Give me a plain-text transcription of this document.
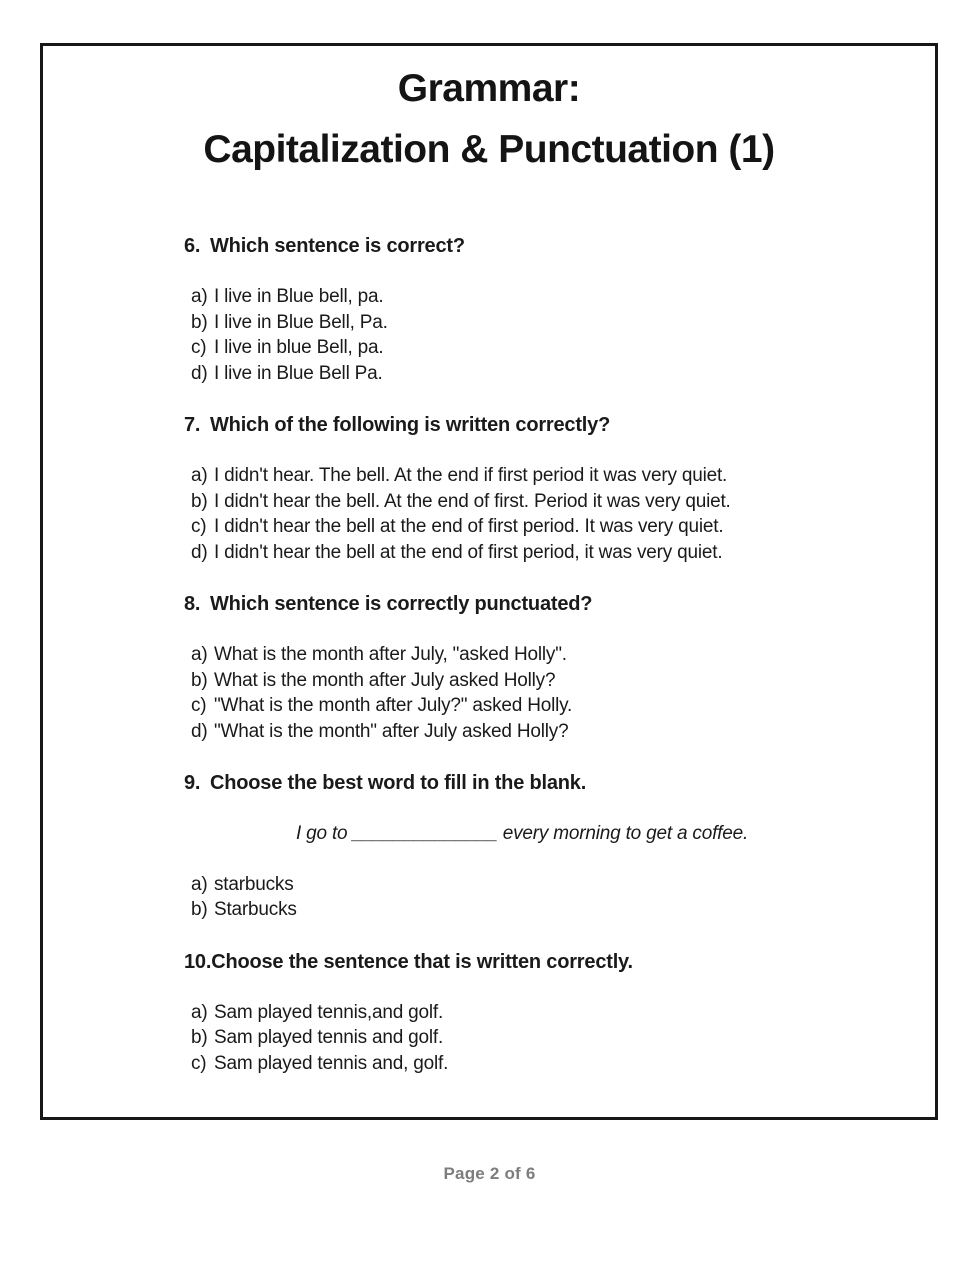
Grammar:
Capitalization & Punctuation (1)
6. Which sentence is correct?
a) I live in Blue bell, pa.
b) I live in Blue Bell, Pa.
c) I live in blue Bell, pa.
d) I live in Blue Bell Pa.
7. Which of the following is written correctly?
a) I didn't hear. The bell. At the end if first period it was very quiet.
b) I didn't hear the bell. At the end of first. Period it was very quiet.
c) I didn't hear the bell at the end of first period. It was very quiet.
d) I didn't hear the bell at the end of first period, it was very quiet.
8. Which sentence is correctly punctuated?
a) What is the month after July, "asked Holly".
b) What is the month after July asked Holly?
c) "What is the month after July?" asked Holly.
d) "What is the month" after July asked Holly?
9. Choose the best word to fill in the blank.
I go to ______________ every morning to get a coffee.
a) starbucks
b) Starbucks
10.Choose the sentence that is written correctly.
a) Sam played tennis,and golf.
b) Sam played tennis and golf.
c) Sam played tennis and, golf.
Page 2 of 6
